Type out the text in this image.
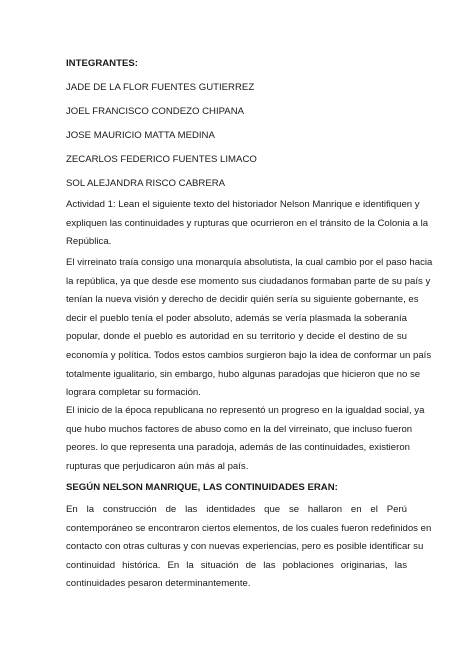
INTEGRANTES:
JADE DE LA FLOR FUENTES GUTIERREZ
JOEL FRANCISCO CONDEZO CHIPANA
JOSE MAURICIO MATTA MEDINA
ZECARLOS FEDERICO FUENTES LIMACO
SOL ALEJANDRA RISCO CABRERA
Actividad 1: Lean el siguiente texto del historiador Nelson Manrique e identifiquen y
expliquen las continuidades y rupturas que ocurrieron en el tránsito de la Colonia a la
República.
El virreinato traía consigo una monarquía absolutista, la cual cambio por el paso hacia
la república, ya que desde ese momento sus ciudadanos formaban parte de su país y
tenían la nueva visión y derecho de decidir quién sería su siguiente gobernante, es
decir el pueblo tenía el poder absoluto, además se vería plasmada la soberanía
popular, donde el pueblo es autoridad en su territorio y decide el destino de su
economía y política. Todos estos cambios surgieron bajo la idea de conformar un país
totalmente igualitario, sin embargo, hubo algunas paradojas que hicieron que no se
lograra completar su formación.
El inicio de la época republicana no representó un progreso en la igualdad social, ya
que hubo muchos factores de abuso como en la del virreinato, que incluso fueron
peores. lo que representa una paradoja, además de las continuidades, existieron
rupturas que perjudicaron aún más al país.
SEGÚN NELSON MANRIQUE, LAS CONTINUIDADES ERAN:
En la construcción de las identidades que se hallaron en el Perú
contemporáneo se encontraron ciertos elementos, de los cuales fueron redefinidos en
contacto con otras culturas y con nuevas experiencias, pero es posible identificar su
continuidad histórica. En la situación de las poblaciones originarias, las
continuidades pesaron determinantemente.
